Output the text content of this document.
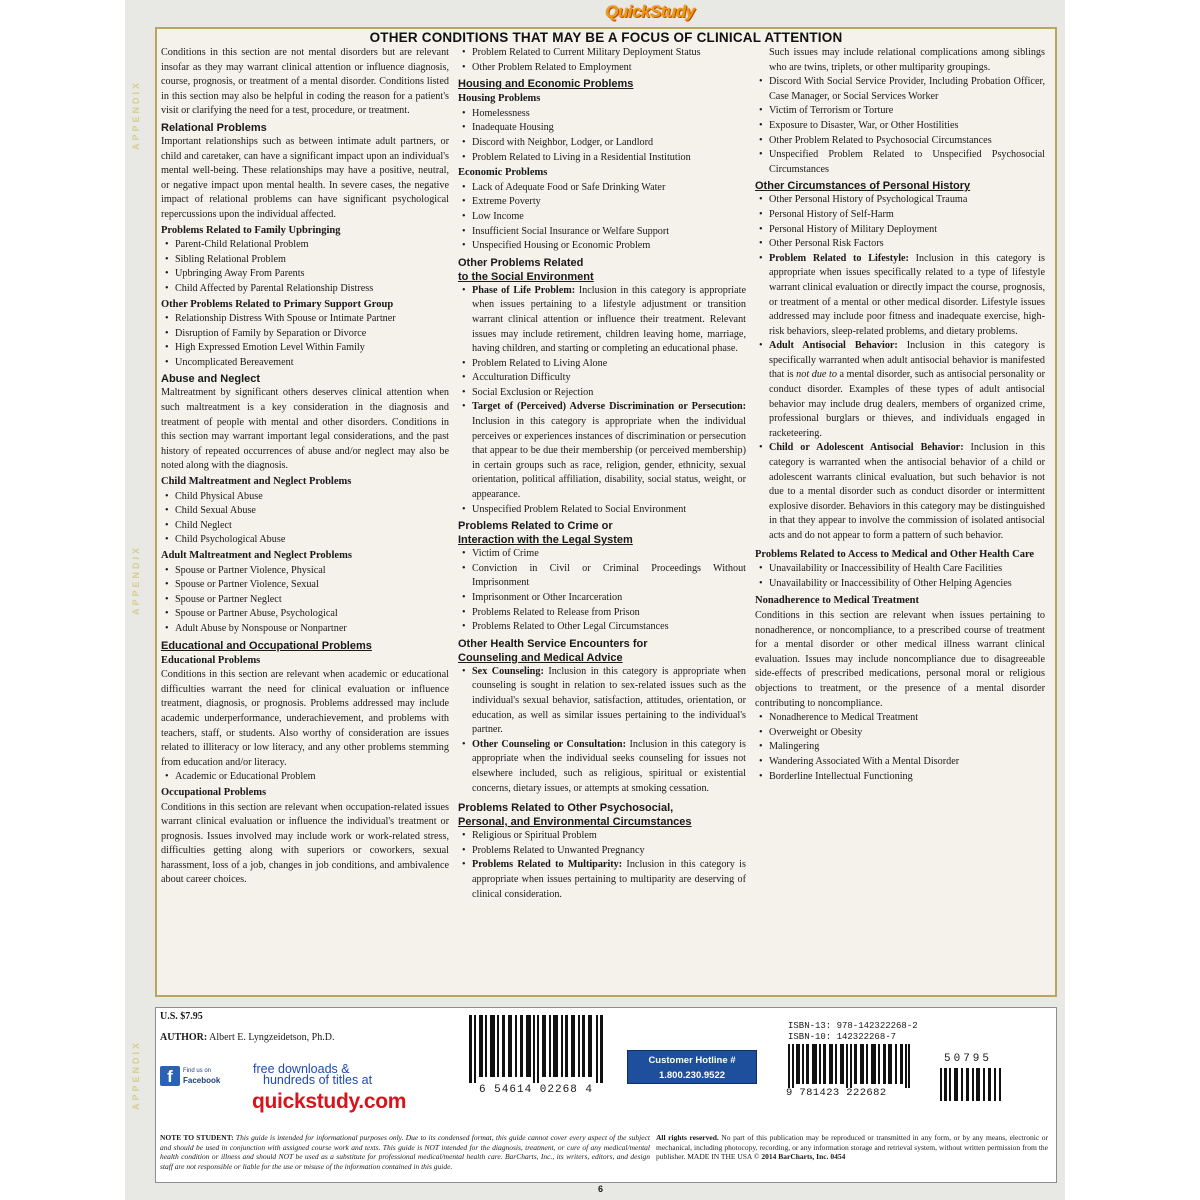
QuickStudy
APPENDIX
APPENDIX
APPENDIX
OTHER CONDITIONS THAT MAY BE A FOCUS OF CLINICAL ATTENTION

Conditions in this section are not mental disorders but are relevant insofar as they may warrant clinical attention or influence diagnosis, course, prognosis, or treatment of a mental disorder. Conditions listed in this section may also be helpful in coding the reason for a patient's visit or clarifying the need for a test, procedure, or treatment.

Relational Problems

Important relationships such as between intimate adult partners, or child and caretaker, can have a significant impact upon an individual's mental well-being. These relationships may have a positive, neutral, or negative impact upon mental health. In severe cases, the negative impact of relational problems can have significant psychological repercussions upon the individual affected.

Problems Related to Family Upbringing
• Parent-Child Relational Problem
• Sibling Relational Problem
• Upbringing Away From Parents
• Child Affected by Parental Relationship Distress
Other Problems Related to Primary Support Group
• Relationship Distress With Spouse or Intimate Partner
• Disruption of Family by Separation or Divorce
• High Expressed Emotion Level Within Family
• Uncomplicated Bereavement
Abuse and Neglect

Maltreatment by significant others deserves clinical attention when such maltreatment is a key consideration in the diagnosis and treatment of people with mental and other disorders. Conditions in this section may warrant important legal considerations, and the past history of repeated occurrences of abuse and/or neglect may also be noted along with the diagnosis.

Child Maltreatment and Neglect Problems
• Child Physical Abuse
• Child Sexual Abuse
• Child Neglect
• Child Psychological Abuse
Adult Maltreatment and Neglect Problems
• Spouse or Partner Violence, Physical
• Spouse or Partner Violence, Sexual
• Spouse or Partner Neglect
• Spouse or Partner Abuse, Psychological
• Adult Abuse by Nonspouse or Nonpartner
Educational and Occupational Problems
Educational Problems

Conditions in this section are relevant when academic or educational difficulties warrant the need for clinical evaluation or influence treatment, diagnosis, or prognosis. Problems addressed may include academic underperformance, underachievement, and problems with teachers, staff, or students. Also worthy of consideration are issues related to illiteracy or low literacy, and any other problems stemming from education and/or literacy.

• Academic or Educational Problem
Occupational Problems

Conditions in this section are relevant when occupation-related issues warrant clinical evaluation or influence the individual's treatment or prognosis. Issues involved may include work or work-related stress, difficulties getting along with superiors or coworkers, sexual harassment, loss of a job, changes in job conditions, and ambivalence about career choices.

• Problem Related to Current Military Deployment Status
• Other Problem Related to Employment
Housing and Economic Problems
Housing Problems
• Homelessness
• Inadequate Housing
• Discord with Neighbor, Lodger, or Landlord
• Problem Related to Living in a Residential Institution
Economic Problems
• Lack of Adequate Food or Safe Drinking Water
• Extreme Poverty
• Low Income
• Insufficient Social Insurance or Welfare Support
• Unspecified Housing or Economic Problem
Other Problems Related
to the Social Environment
• Phase of Life Problem: Inclusion in this category is appropriate when issues pertaining to a lifestyle adjustment or transition warrant clinical attention or influence their treatment. Relevant issues may include retirement, children leaving home, marriage, having children, and starting or completing an educational phase.
• Problem Related to Living Alone
• Acculturation Difficulty
• Social Exclusion or Rejection
• Target of (Perceived) Adverse Discrimination or Persecution: Inclusion in this category is appropriate when the individual perceives or experiences instances of discrimination or persecution that appear to be due their membership (or perceived membership) in certain groups such as race, religion, gender, ethnicity, sexual orientation, political affiliation, disability, social status, weight, or appearance.
• Unspecified Problem Related to Social Environment
Problems Related to Crime or
Interaction with the Legal System
• Victim of Crime
• Conviction in Civil or Criminal Proceedings Without Imprisonment
• Imprisonment or Other Incarceration
• Problems Related to Release from Prison
• Problems Related to Other Legal Circumstances
Other Health Service Encounters for
Counseling and Medical Advice
• Sex Counseling: Inclusion in this category is appropriate when counseling is sought in relation to sex-related issues such as the individual's sexual behavior, satisfaction, attitudes, orientation, or education, as well as similar issues pertaining to the individual's partner.
• Other Counseling or Consultation: Inclusion in this category is appropriate when the individual seeks counseling for issues not elsewhere included, such as religious, spiritual or existential concerns, dietary issues, or attempts at smoking cessation.
Problems Related to Other Psychosocial,
Personal, and Environmental Circumstances
• Religious or Spiritual Problem
• Problems Related to Unwanted Pregnancy
• Problems Related to Multiparity: Inclusion in this category is appropriate when issues pertaining to multiparity are deserving of clinical consideration.

Such issues may include relational complications among siblings who are twins, triplets, or other multiparity groupings.

• Discord With Social Service Provider, Including Probation Officer, Case Manager, or Social Services Worker
• Victim of Terrorism or Torture
• Exposure to Disaster, War, or Other Hostilities
• Other Problem Related to Psychosocial Circumstances
• Unspecified Problem Related to Unspecified Psychosocial Circumstances
Other Circumstances of Personal History
• Other Personal History of Psychological Trauma
• Personal History of Self-Harm
• Personal History of Military Deployment
• Other Personal Risk Factors
• Problem Related to Lifestyle: Inclusion in this category is appropriate when issues specifically related to a type of lifestyle warrant clinical evaluation or directly impact the course, prognosis, or treatment of a mental or other medical disorder. Lifestyle issues addressed may include poor fitness and inadequate exercise, high-risk behaviors, sleep-related problems, and dietary problems.
• Adult Antisocial Behavior: Inclusion in this category is specifically warranted when adult antisocial behavior is manifested that is not due to a mental disorder, such as antisocial personality or conduct disorder. Examples of these types of adult antisocial behavior may include drug dealers, members of organized crime, professional burglars or thieves, and individuals engaged in racketeering.
• Child or Adolescent Antisocial Behavior: Inclusion in this category is warranted when the antisocial behavior of a child or adolescent warrants clinical evaluation, but such behavior is not due to a mental disorder such as conduct disorder or intermittent explosive disorder. Behaviors in this category may be distinguished in that they appear to involve the commission of isolated antisocial acts and do not appear to form a pattern of such behavior.
Problems Related to Access to Medical and Other Health Care
• Unavailability or Inaccessibility of Health Care Facilities
• Unavailability or Inaccessibility of Other Helping Agencies
Nonadherence to Medical Treatment

Conditions in this section are relevant when issues pertaining to nonadherence, or noncompliance, to a prescribed course of treatment for a mental disorder or other medical illness warrant clinical evaluation. Issues may include noncompliance due to disagreeable side-effects of prescribed medications, personal moral or religious objections to treatment, or the presence of a mental disorder contributing to noncompliance.

• Nonadherence to Medical Treatment
• Overweight or Obesity
• Malingering
• Wandering Associated With a Mental Disorder
• Borderline Intellectual Functioning
U.S. $7.95
AUTHOR: Albert E. Lyngzeidetson, Ph.D.
f	Find us on
Facebook
free downloads &
hundreds of titles at
quickstudy.com	6 54614 02268 4
Customer Hotline #
1.800.230.9522
ISBN-13: 978-142322268-2
ISBN-10: 142322268-7
9 781423 222682
50795
NOTE TO STUDENT: This guide is intended for informational purposes only. Due to its condensed format, this guide cannot cover every aspect of the subject and should be used in conjunction with assigned course work and texts. This guide is NOT intended for the diagnosis, treatment, or cure of any medical/mental health condition or illness and should NOT be used as a substitute for professional medical/mental health care. BarCharts, Inc., its writers, editors, and design staff are not responsible or liable for the use or misuse of the information contained in this guide.
All rights reserved. No part of this publication may be reproduced or transmitted in any form, or by any means, electronic or mechanical, including photocopy, recording, or any information storage and retrieval system, without written permission from the publisher. MADE IN THE USA © 2014 BarCharts, Inc. 0454
6
